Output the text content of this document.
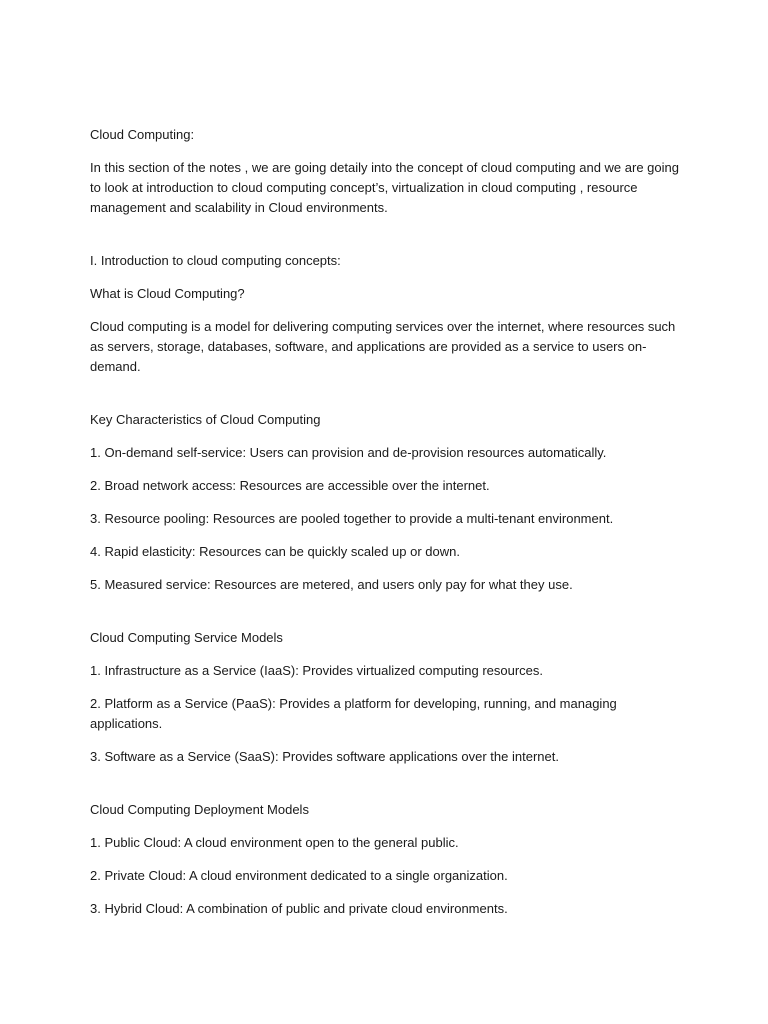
Cloud Computing:

In this section of the notes , we are going detaily into the concept of cloud computing and we are going to look at introduction to cloud computing concept’s, virtualization in cloud computing , resource management and scalability in Cloud environments.

I. Introduction to cloud computing concepts:

What is Cloud Computing?

Cloud computing is a model for delivering computing services over the internet, where resources such as servers, storage, databases, software, and applications are provided as a service to users on-demand.

Key Characteristics of Cloud Computing

1. On-demand self-service: Users can provision and de-provision resources automatically.

2. Broad network access: Resources are accessible over the internet.

3. Resource pooling: Resources are pooled together to provide a multi-tenant environment.

4. Rapid elasticity: Resources can be quickly scaled up or down.

5. Measured service: Resources are metered, and users only pay for what they use.

Cloud Computing Service Models

1. Infrastructure as a Service (IaaS): Provides virtualized computing resources.

2. Platform as a Service (PaaS): Provides a platform for developing, running, and managing applications.

3. Software as a Service (SaaS): Provides software applications over the internet.

Cloud Computing Deployment Models

1. Public Cloud: A cloud environment open to the general public.

2. Private Cloud: A cloud environment dedicated to a single organization.

3. Hybrid Cloud: A combination of public and private cloud environments.
